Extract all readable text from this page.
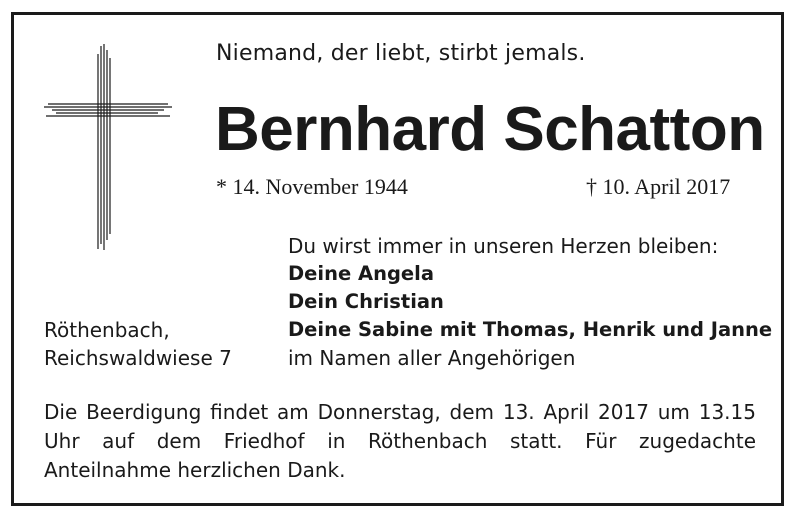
Niemand, der liebt, stirbt jemals.
Bernhard Schatton
* 14. November 1944	† 10. April 2017
Du wirst immer in unseren Herzen bleiben:
Deine Angela
Dein Christian
Deine Sabine mit Thomas, Henrik und Janne
im Namen aller Angehörigen
Röthenbach,
Reichswaldwiese 7
Die Beerdigung findet am Donnerstag, dem 13. April 2017 um 13.15 Uhr auf dem Friedhof in Röthenbach statt. Für zugedachte Anteilnahme herzlichen Dank.
